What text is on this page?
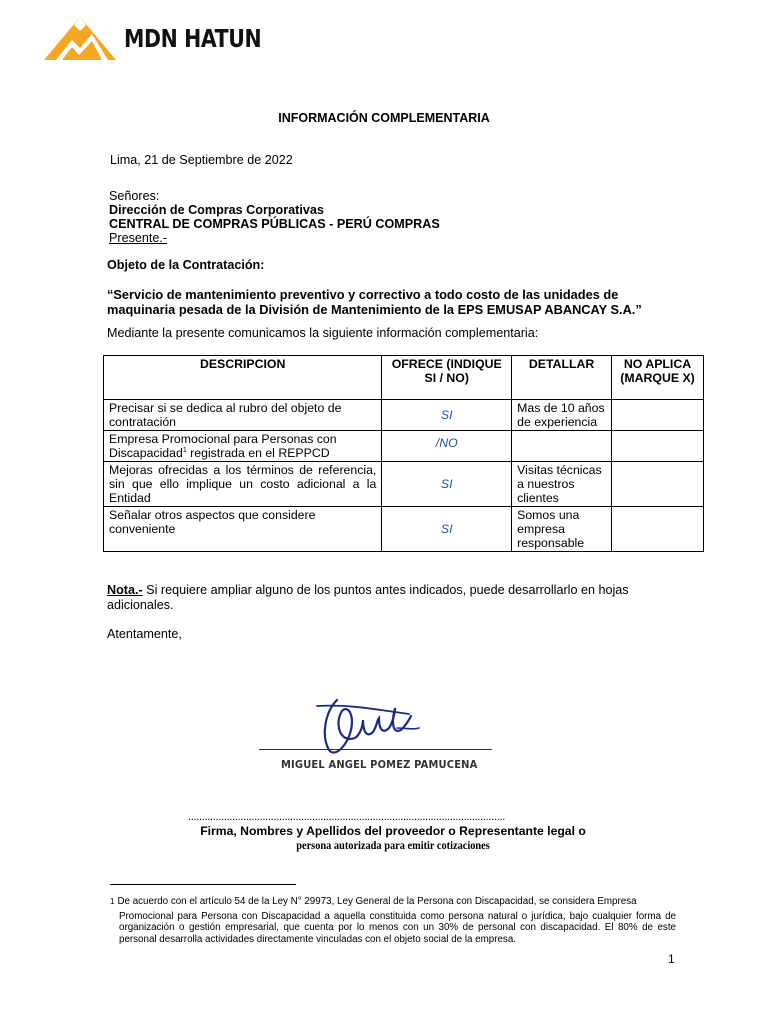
MDN HATUN
INFORMACIÓN COMPLEMENTARIA
Lima, 21 de Septiembre de 2022
Señores:
Dirección de Compras Corporativas
CENTRAL DE COMPRAS PÚBLICAS - PERÚ COMPRAS
Presente.-
Objeto de la Contratación:
“Servicio de mantenimiento preventivo y correctivo a todo costo de las unidades de maquinaria pesada de la División de Mantenimiento de la EPS EMUSAP ABANCAY S.A.”
Mediante la presente comunicamos la siguiente información complementaria:
DESCRIPCION	OFRECE (INDIQUE SI / NO)	DETALLAR	NO APLICA (MARQUE X)
Precisar si se dedica al rubro del objeto de contratación	SI	Mas de 10 años de experiencia	
Empresa Promocional para Personas con Discapacidad$^1$ registrada en el REPPCD	/NO		
Mejoras ofrecidas a los términos de referencia, sin que ello implique un costo adicional a la Entidad	SI	Visitas técnicas a nuestros clientes	
Señalar otros aspectos que considere conveniente	SI	Somos una empresa responsable	
Nota.- Si requiere ampliar alguno de los puntos antes indicados, puede desarrollarlo en hojas adicionales.
Atentamente,
MIGUEL ANGEL POMEZ PAMUCENA
...................................................................................................................
Firma, Nombres y Apellidos del proveedor o Representante legal o
persona autorizada para emitir cotizaciones
$^1$ De acuerdo con el artículo 54 de la Ley N° 29973, Ley General de la Persona con Discapacidad, se considera Empresa
Promocional para Persona con Discapacidad a aquella constituida como persona natural o jurídica, bajo cualquier forma de organización o gestión empresarial, que cuenta por lo menos con un 30% de personal con discapacidad. El 80% de este personal desarrolla actividades directamente vinculadas con el objeto social de la empresa.
1
